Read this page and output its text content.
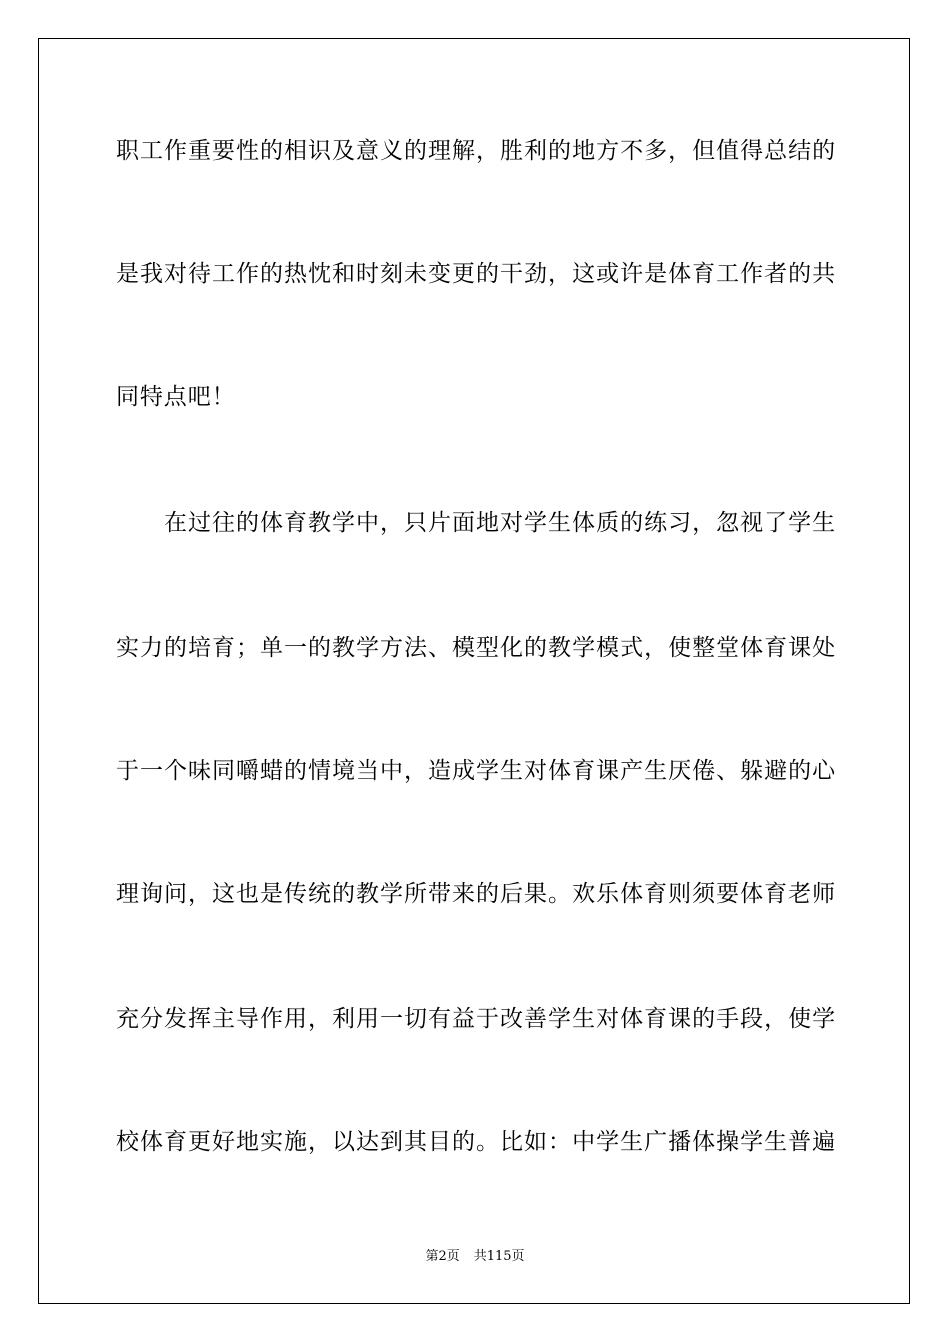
职工作重要性的相识及意义的理解，胜利的地方不多，但值得总结的
是我对待工作的热忱和时刻未变更的干劲，这或许是体育工作者的共
同特点吧！
在过往的体育教学中，只片面地对学生体质的练习，忽视了学生
实力的培育；单一的教学方法、模型化的教学模式，使整堂体育课处
于一个味同嚼蜡的情境当中，造成学生对体育课产生厌倦、躲避的心
理询问，这也是传统的教学所带来的后果。欢乐体育则须要体育老师
充分发挥主导作用，利用一切有益于改善学生对体育课的手段，使学
校体育更好地实施，以达到其目的。比如：中学生广播体操学生普遍
第2页 共115页
